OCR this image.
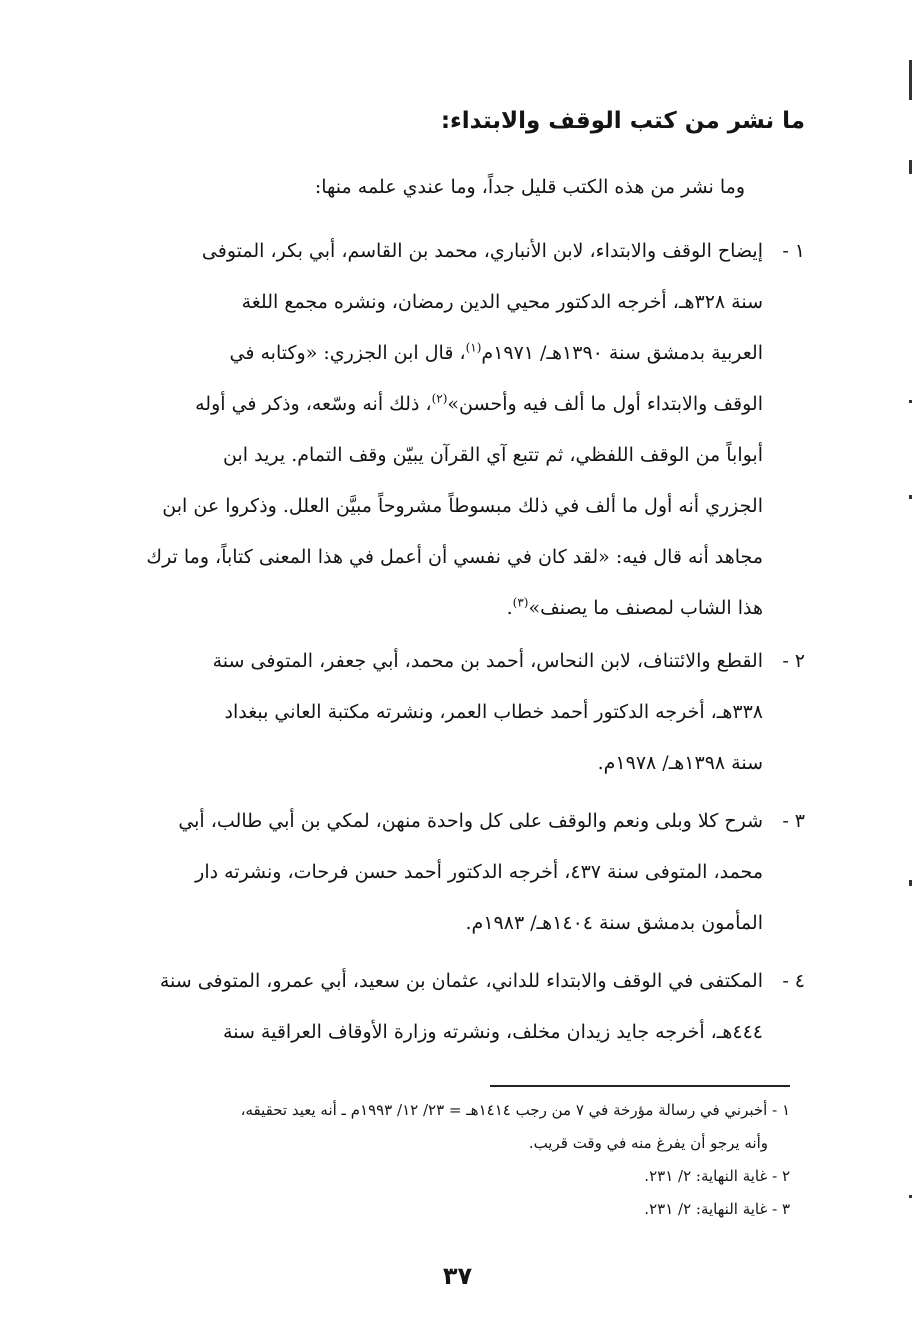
ما نشر من كتب الوقف والابتداء:
وما نشر من هذه الكتب قليل جداً، وما عندي علمه منها:
١ -

إيضاح الوقف والابتداء، لابن الأنباري، محمد بن القاسم، أبي بكر، المتوفى

سنة ٣٢٨هـ، أخرجه الدكتور محيي الدين رمضان، ونشره مجمع اللغة

العربية بدمشق سنة ١٣٩٠هـ/ ١٩٧١م$^{(١)}$، قال ابن الجزري: «وكتابه في

الوقف والابتداء أول ما ألف فيه وأحسن»$^{(٢)}$، ذلك أنه وسّعه، وذكر في أوله

أبواباً من الوقف اللفظي، ثم تتبع آي القرآن يبيّن وقف التمام. يريد ابن

الجزري أنه أول ما ألف في ذلك مبسوطاً مشروحاً مبيَّن العلل. وذكروا عن ابن

مجاهد أنه قال فيه: «لقد كان في نفسي أن أعمل في هذا المعنى كتاباً، وما ترك

هذا الشاب لمصنف ما يصنف»$^{(٣)}$.

٢ -

القطع والائتناف، لابن النحاس، أحمد بن محمد، أبي جعفر، المتوفى سنة

٣٣٨هـ، أخرجه الدكتور أحمد خطاب العمر، ونشرته مكتبة العاني ببغداد

سنة ١٣٩٨هـ/ ١٩٧٨م.

٣ -

شرح كلا وبلى ونعم والوقف على كل واحدة منهن، لمكي بن أبي طالب، أبي

محمد، المتوفى سنة ٤٣٧، أخرجه الدكتور أحمد حسن فرحات، ونشرته دار

المأمون بدمشق سنة ١٤٠٤هـ/ ١٩٨٣م.

٤ -

المكتفى في الوقف والابتداء للداني، عثمان بن سعيد، أبي عمرو، المتوفى سنة

٤٤٤هـ، أخرجه جايد زيدان مخلف، ونشرته وزارة الأوقاف العراقية سنة

١ - أخبرني في رسالة مؤرخة في ٧ من رجب ١٤١٤هـ = ٢٣/ ١٢/ ١٩٩٣م ـ أنه يعيد تحقيقه،

وأنه يرجو أن يفرغ منه في وقت قريب.

٢ - غاية النهاية: ٢/ ٢٣١.

٣ - غاية النهاية: ٢/ ٢٣١.

٣٧
